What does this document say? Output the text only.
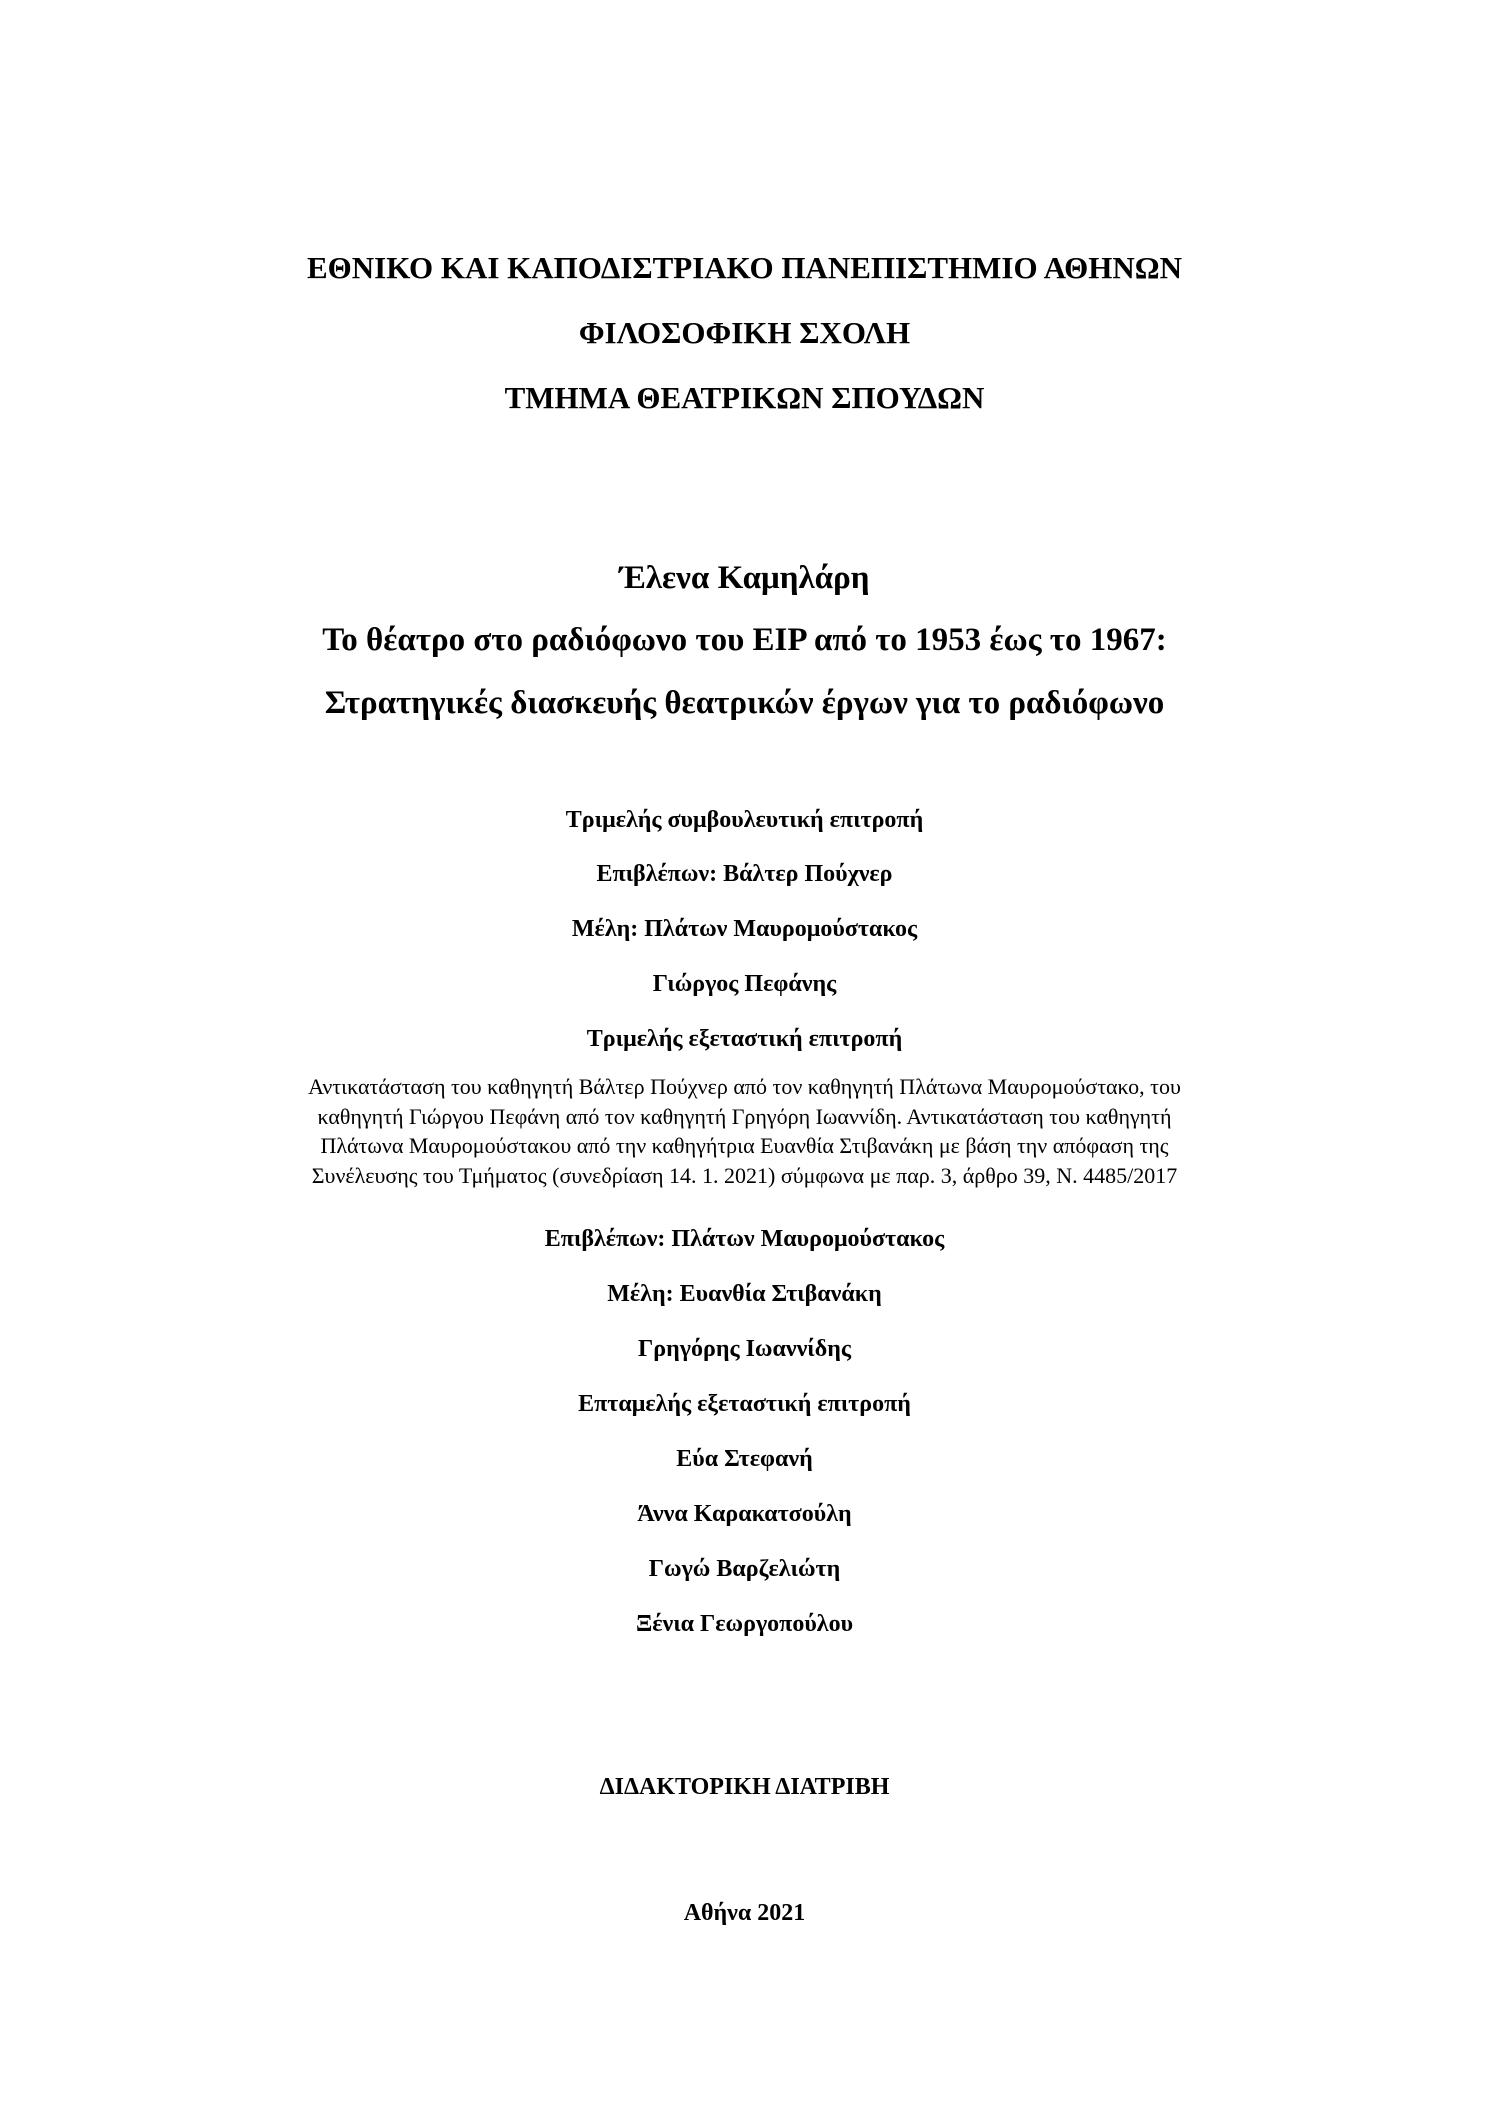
ΕΘΝΙΚΟ ΚΑΙ ΚΑΠΟΔΙΣΤΡΙΑΚΟ ΠΑΝΕΠΙΣΤΗΜΙΟ ΑΘΗΝΩΝ
ΦΙΛΟΣΟΦΙΚΗ ΣΧΟΛΗ
ΤΜΗΜΑ ΘΕΑΤΡΙΚΩΝ ΣΠΟΥΔΩΝ
Έλενα Καμηλάρη
Το θέατρο στο ραδιόφωνο του ΕΙΡ από το 1953 έως το 1967:
Στρατηγικές διασκευής θεατρικών έργων για το ραδιόφωνο
Τριμελής συμβουλευτική επιτροπή
Επιβλέπων: Βάλτερ Πούχνερ
Μέλη: Πλάτων Μαυρομούστακος
Γιώργος Πεφάνης
Τριμελής εξεταστική επιτροπή
Αντικατάσταση του καθηγητή Βάλτερ Πούχνερ από τον καθηγητή Πλάτωνα Μαυρομούστακο, του
καθηγητή Γιώργου Πεφάνη από τον καθηγητή Γρηγόρη Ιωαννίδη. Αντικατάσταση του καθηγητή
Πλάτωνα Μαυρομούστακου από την καθηγήτρια Ευανθία Στιβανάκη με βάση την απόφαση της
Συνέλευσης του Τμήματος (συνεδρίαση 14. 1. 2021) σύμφωνα με παρ. 3, άρθρο 39, Ν. 4485/2017
Επιβλέπων: Πλάτων Μαυρομούστακος
Μέλη: Ευανθία Στιβανάκη
Γρηγόρης Ιωαννίδης
Επταμελής εξεταστική επιτροπή
Εύα Στεφανή
Άννα Καρακατσούλη
Γωγώ Βαρζελιώτη
Ξένια Γεωργοπούλου
ΔΙΔΑΚΤΟΡΙΚΗ ΔΙΑΤΡΙΒΗ
Αθήνα 2021
